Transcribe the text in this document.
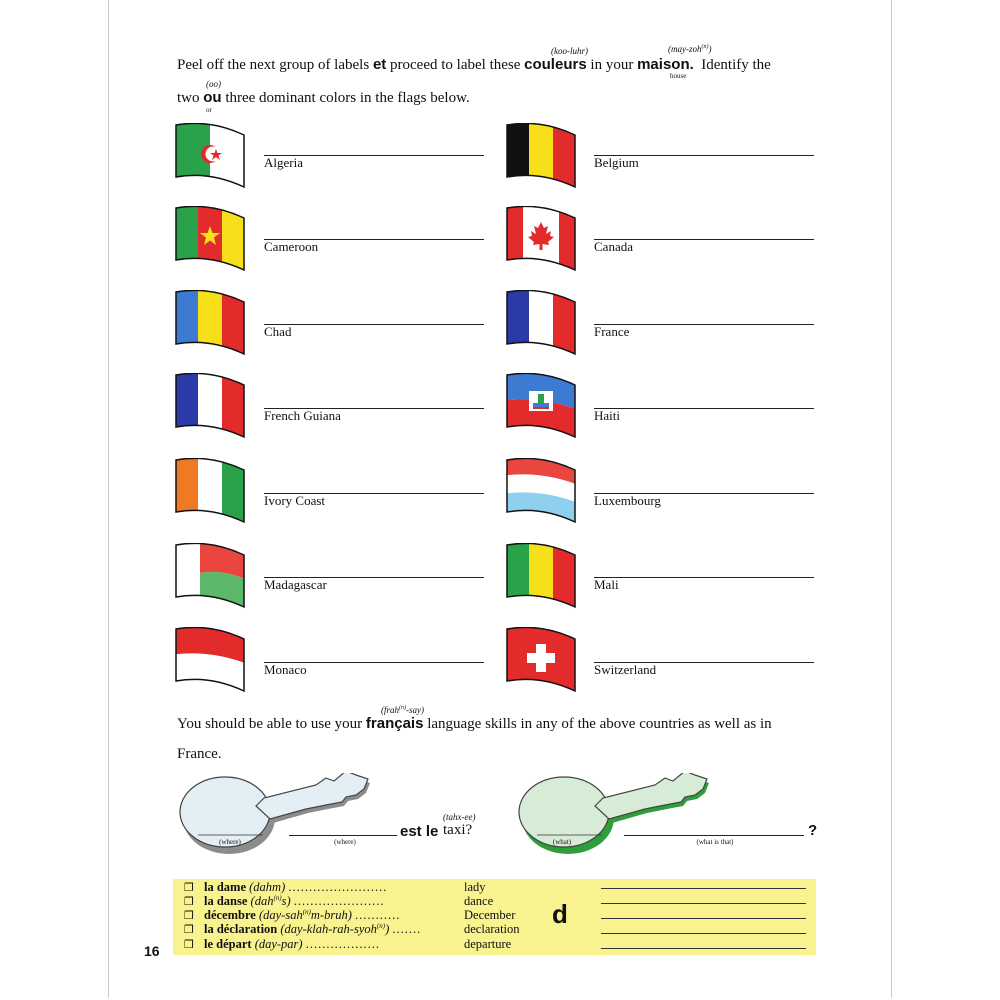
Peel off the next group of labels et proceed to label these couleurs in your maison. Identify the
(koo-luhr)	(may-zoh$^{(n)}$)
house
two ou three dominant colors in the flags below.
(oo)
or
Algeria
Cameroon
Chad
French Guiana
Ivory Coast
Madagascar
Monaco
Belgium
Canada
France
Haiti
Luxembourg
Mali
Switzerland
You should be able to use your français language skills in any of the above countries as well as in
(frah$^{(n)}$-say)
France.
(where)	(where)
est le taxi?
(tahx-ee)
(what)	(what is that)
?
❒ la dame (dahm) ........................	lady
❒ la danse (dah$^{(n)}$s) ......................	dance
❒ décembre (day-sah$^{(n)}$m-bruh) ...........	December
❒ la déclaration (day-klah-rah-syoh$^{(n)}$) .......	declaration
❒ le départ (day-par) ..................	departure
d
16
